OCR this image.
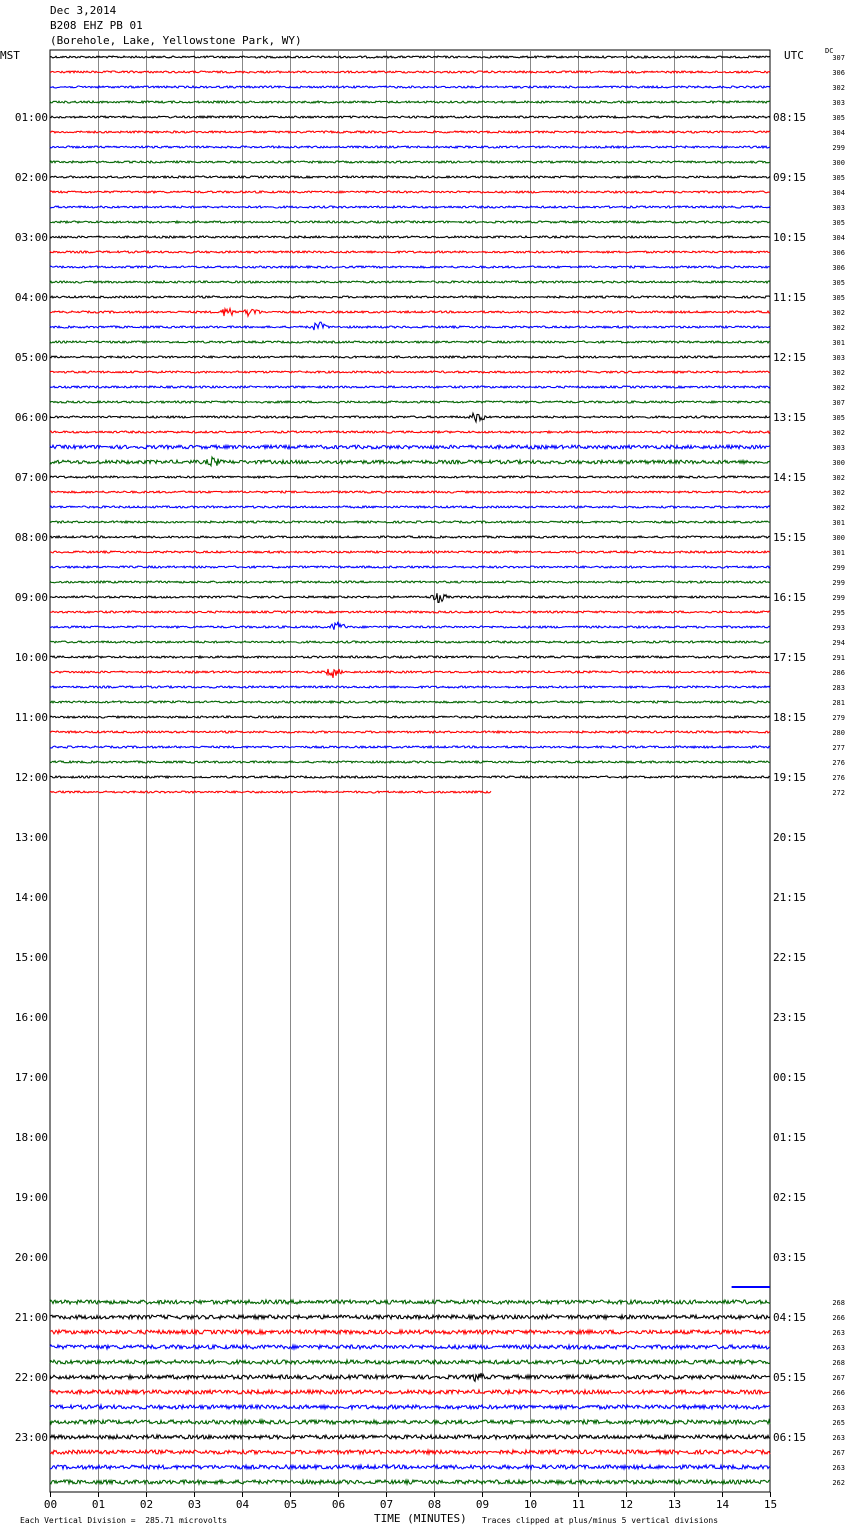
Dec 3,2014
B208 EHZ PB 01
(Borehole, Lake, Yellowstone Park, WY)
MST	UTC	DC
00	01	02	03	04	05	06	07	08	09	10	11	12	13	14	15
01:00
02:00
03:00
04:00
05:00
06:00
07:00
08:00
09:00
10:00
11:00
12:00
13:00
14:00
15:00
16:00
17:00
18:00
19:00
20:00
21:00
22:00
23:00
08:15
09:15
10:15
11:15
12:15
13:15
14:15
15:15
16:15
17:15
18:15
19:15
20:15
21:15
22:15
23:15
00:15
01:15
02:15
03:15
04:15
05:15
06:15
307
306
302
303
305
304
299
300
305
304
303
305
304
306
306
305
305
302
302
301
303
302
302
307
305
302
303
300
302
302
302
301
300
301
299
299
299
295
293
294
291
286
283
281
279
280
277
276
276
272
268
266
263
263
268
267
266
263
265
263
267
263
262
TIME (MINUTES)
Each Vertical Division =  285.71 microvolts	Traces clipped at plus/minus 5 vertical divisions
